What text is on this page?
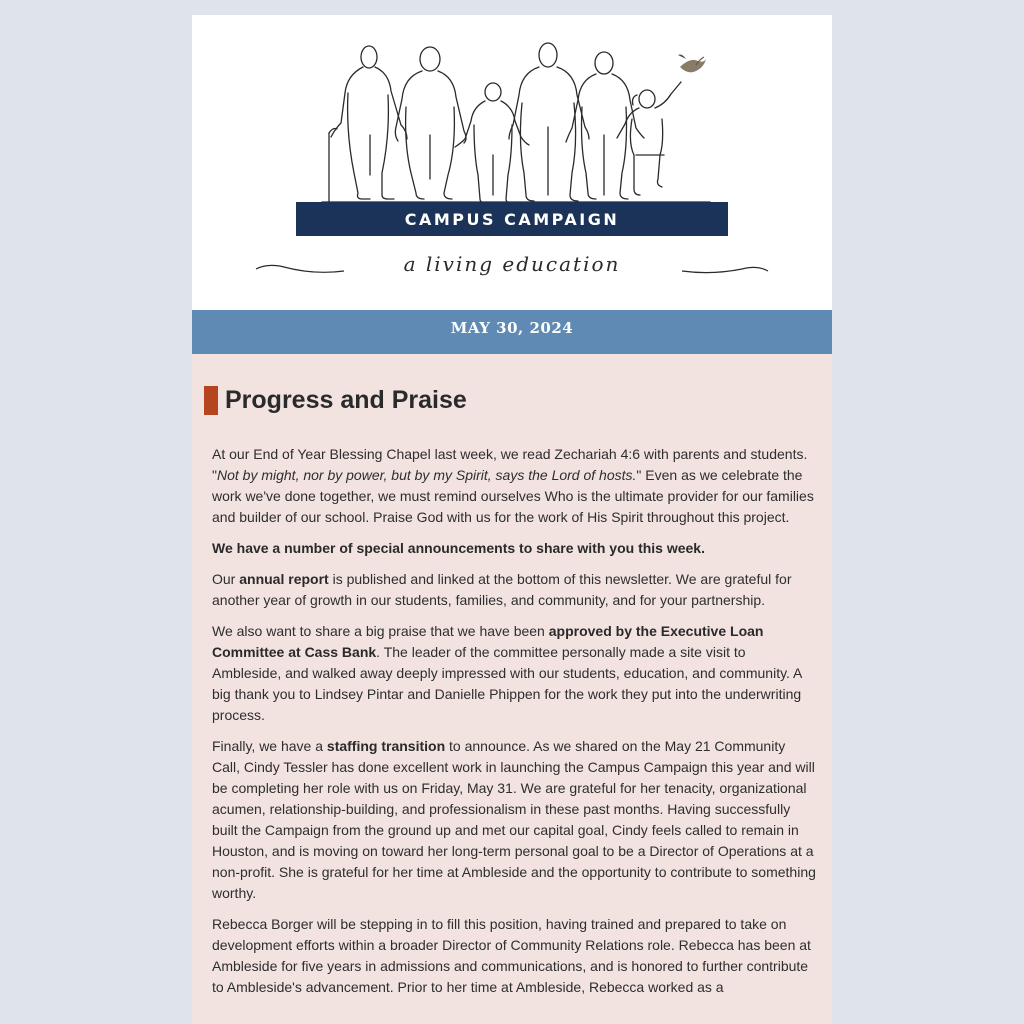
CAMPUS CAMPAIGN
a living education
MAY 30, 2024
Progress and Praise

At our End of Year Blessing Chapel last week, we read Zechariah 4:6 with parents and students. "Not by might, nor by power, but by my Spirit, says the Lord of hosts." Even as we celebrate the work we've done together, we must remind ourselves Who is the ultimate provider for our families and builder of our school. Praise God with us for the work of His Spirit throughout this project.

We have a number of special announcements to share with you this week.

Our annual report is published and linked at the bottom of this newsletter. We are grateful for another year of growth in our students, families, and community, and for your partnership.

We also want to share a big praise that we have been approved by the Executive Loan Committee at Cass Bank. The leader of the committee personally made a site visit to Ambleside, and walked away deeply impressed with our students, education, and community. A big thank you to Lindsey Pintar and Danielle Phippen for the work they put into the underwriting process.

Finally, we have a staffing transition to announce. As we shared on the May 21 Community Call, Cindy Tessler has done excellent work in launching the Campus Campaign this year and will be completing her role with us on Friday, May 31. We are grateful for her tenacity, organizational acumen, relationship-building, and professionalism in these past months. Having successfully built the Campaign from the ground up and met our capital goal, Cindy feels called to remain in Houston, and is moving on toward her long-term personal goal to be a Director of Operations at a non-profit. She is grateful for her time at Ambleside and the opportunity to contribute to something worthy.

Rebecca Borger will be stepping in to fill this position, having trained and prepared to take on development efforts within a broader Director of Community Relations role. Rebecca has been at Ambleside for five years in admissions and communications, and is honored to further contribute to Ambleside's advancement. Prior to her time at Ambleside, Rebecca worked as a
